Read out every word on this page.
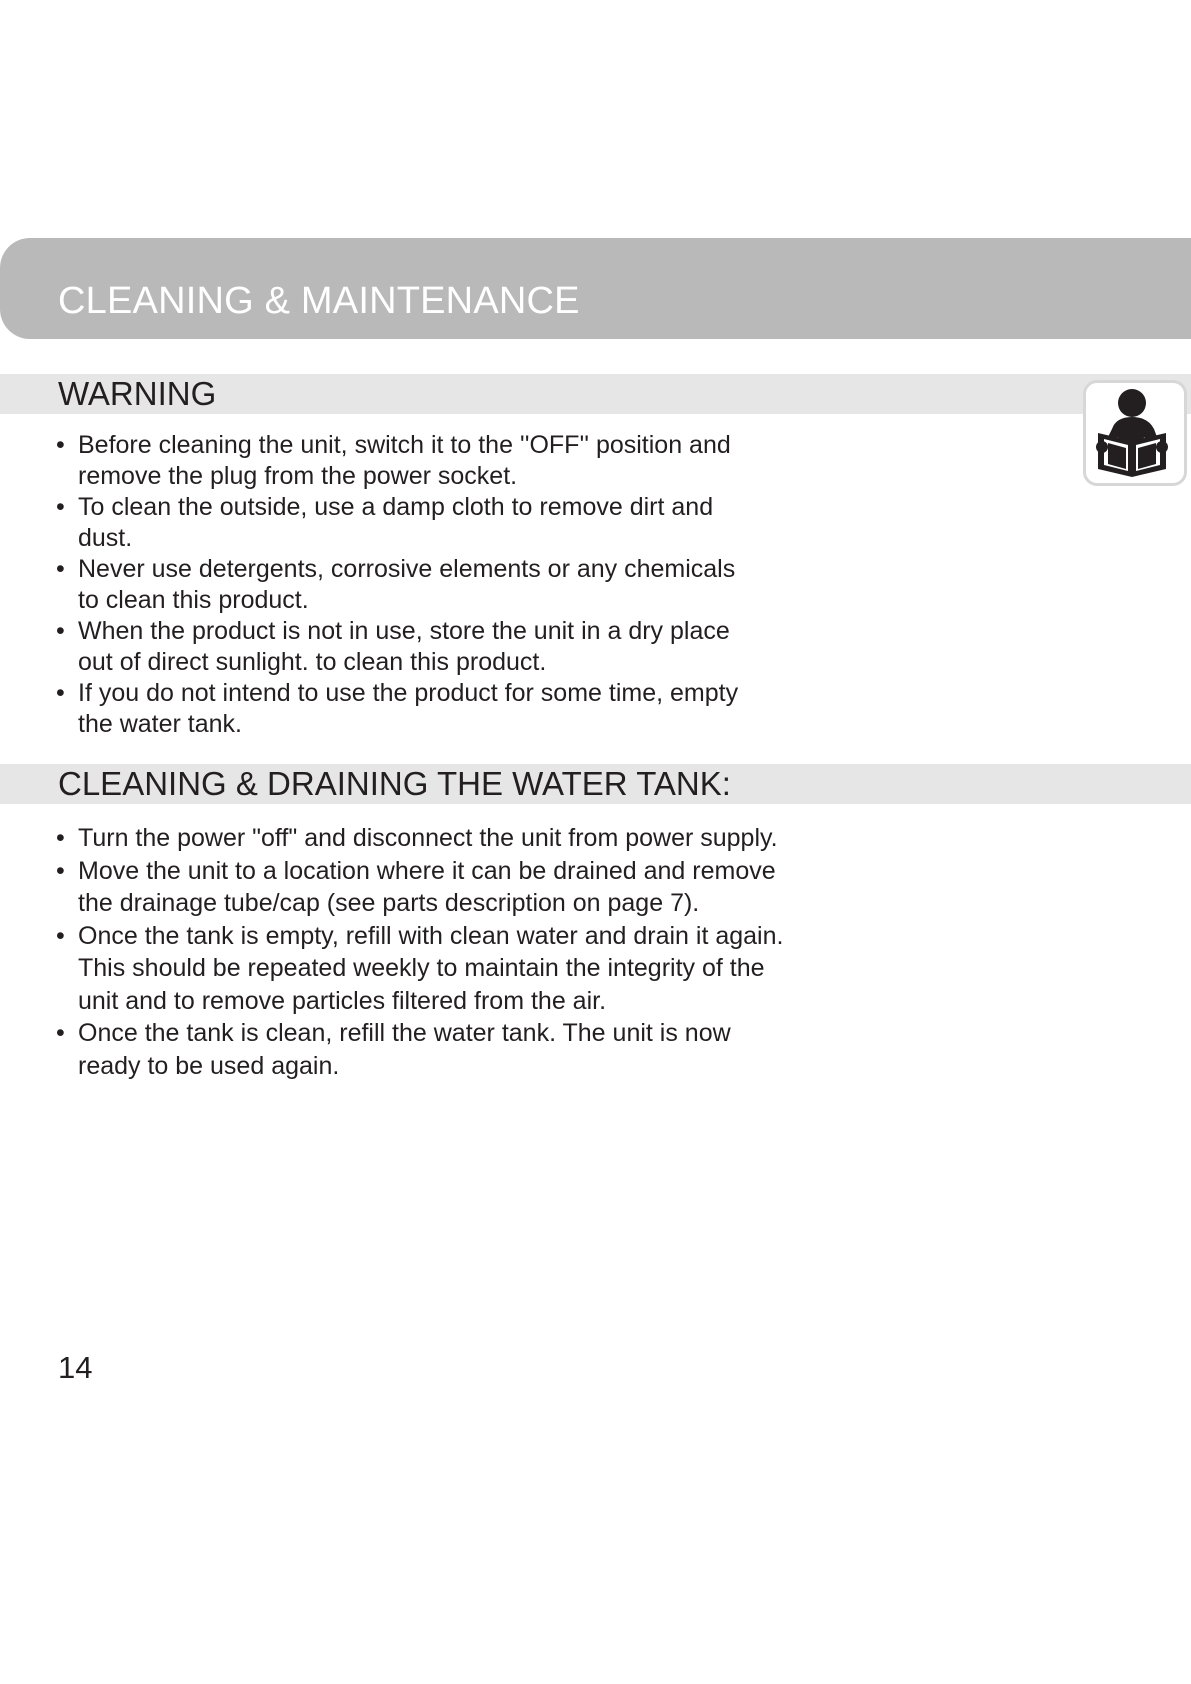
CLEANING & MAINTENANCE
WARNING
• Before cleaning the unit, switch it to the ''OFF'' position and
remove the plug from the power socket.
• To clean the outside, use a damp cloth to remove dirt and
dust.
• Never use detergents, corrosive elements or any chemicals
to clean this product.
• When the product is not in use, store the unit in a dry place
out of direct sunlight. to clean this product.
• If you do not intend to use the product for some time, empty
the water tank.
CLEANING & DRAINING THE WATER TANK:
• Turn the power "off" and disconnect the unit from power supply.
• Move the unit to a location where it can be drained and remove
the drainage tube/cap (see parts description on page 7).
• Once the tank is empty, refill with clean water and drain it again.
This should be repeated weekly to maintain the integrity of the
unit and to remove particles filtered from the air.
• Once the tank is clean, refill the water tank. The unit is now
ready to be used again.
14
